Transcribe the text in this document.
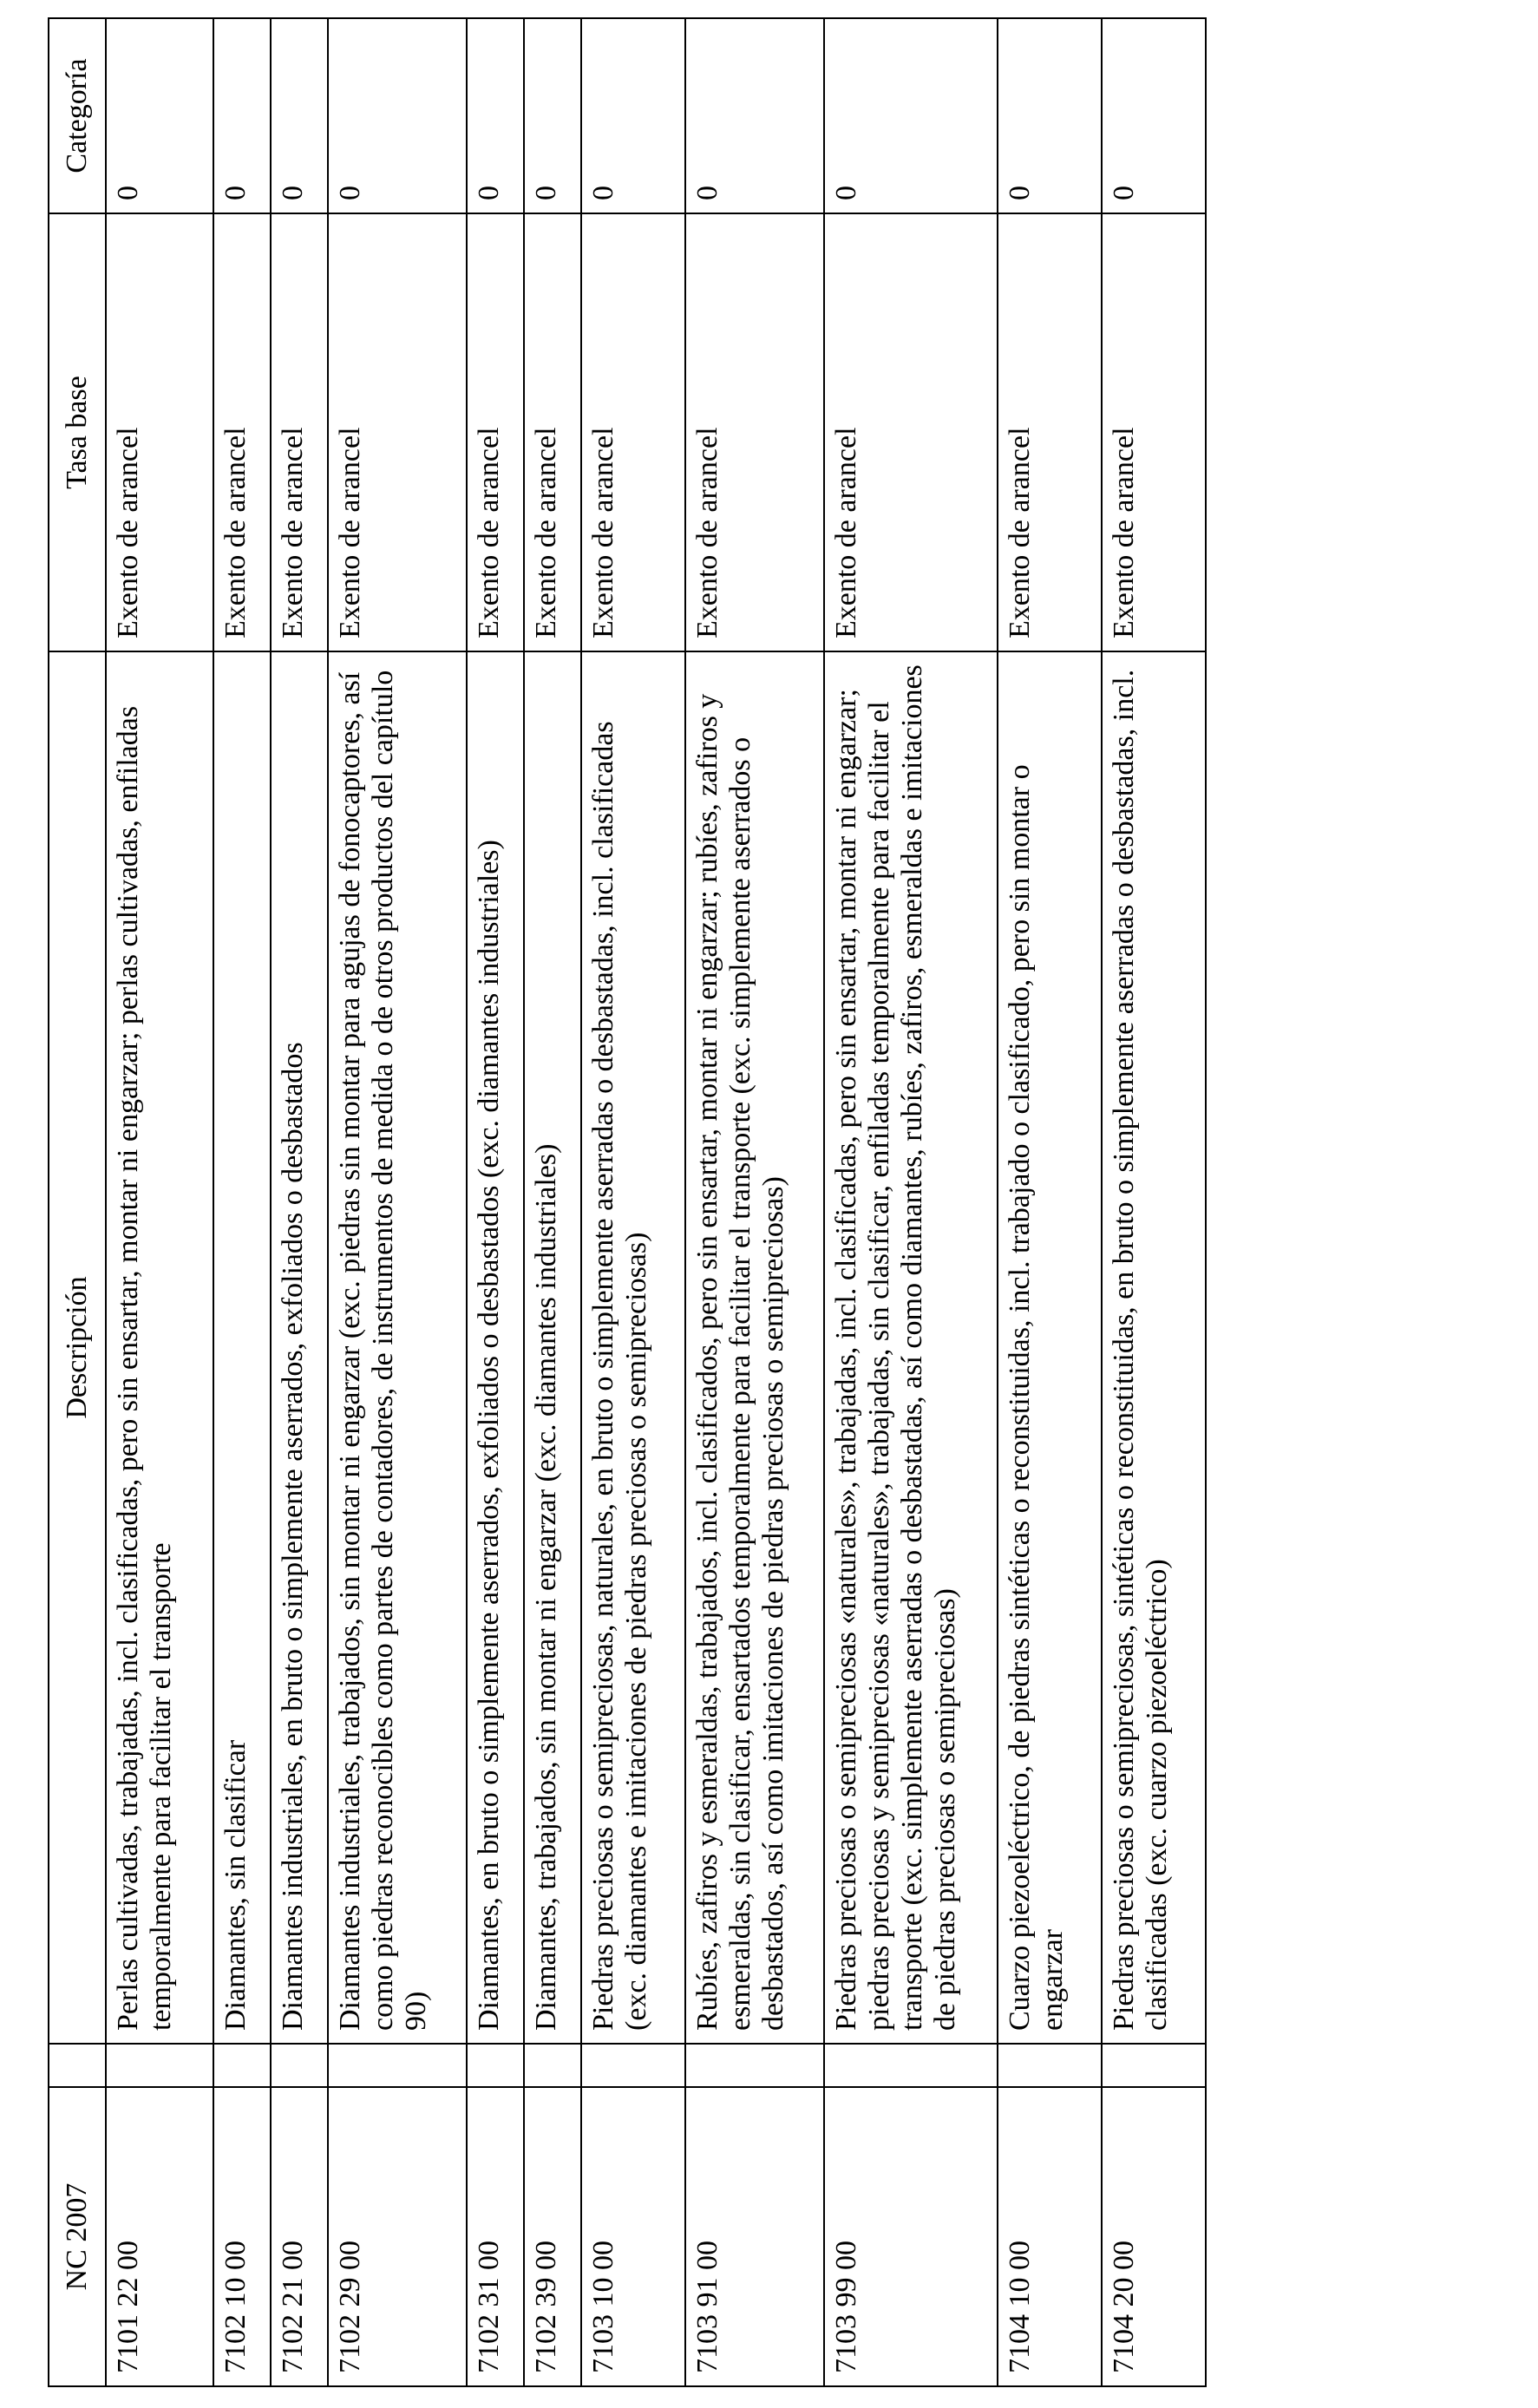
NC 2007		Descripción	Tasa base	Categoría
7101 22 00		Perlas cultivadas, trabajadas, incl. clasificadas, pero sin ensartar, montar ni engarzar; perlas cultivadas, enfiladas temporalmente para facilitar el transporte	Exento de arancel	0
7102 10 00		Diamantes, sin clasificar	Exento de arancel	0
7102 21 00		Diamantes industriales, en bruto o simplemente aserrados, exfoliados o desbastados	Exento de arancel	0
7102 29 00		Diamantes industriales, trabajados, sin montar ni engarzar (exc. piedras sin montar para agujas de fonocaptores, así como piedras reconocibles como partes de contadores, de instrumentos de medida o de otros productos del capítulo 90)	Exento de arancel	0
7102 31 00		Diamantes, en bruto o simplemente aserrados, exfoliados o desbastados (exc. diamantes industriales)	Exento de arancel	0
7102 39 00		Diamantes, trabajados, sin montar ni engarzar (exc. diamantes industriales)	Exento de arancel	0
7103 10 00		Piedras preciosas o semipreciosas, naturales, en bruto o simplemente aserradas o desbastadas, incl. clasificadas (exc. diamantes e imitaciones de piedras preciosas o semipreciosas)	Exento de arancel	0
7103 91 00		Rubíes, zafiros y esmeraldas, trabajados, incl. clasificados, pero sin ensartar, montar ni engarzar; rubíes, zafiros y esmeraldas, sin clasificar, ensartados temporalmente para facilitar el transporte (exc. simplemente aserrados o desbastados, así como imitaciones de piedras preciosas o semipreciosas)	Exento de arancel	0
7103 99 00		Piedras preciosas o semipreciosas «naturales», trabajadas, incl. clasificadas, pero sin ensartar, montar ni engarzar; piedras preciosas y semipreciosas «naturales», trabajadas, sin clasificar, enfiladas temporalmente para facilitar el transporte (exc. simplemente aserradas o desbastadas, así como diamantes, rubíes, zafiros, esmeraldas e imitaciones de piedras preciosas o semipreciosas)	Exento de arancel	0
7104 10 00		Cuarzo piezoeléctrico, de piedras sintéticas o reconstituidas, incl. trabajado o clasificado, pero sin montar o engarzar	Exento de arancel	0
7104 20 00		Piedras preciosas o semipreciosas, sintéticas o reconstituidas, en bruto o simplemente aserradas o desbastadas, incl. clasificadas (exc. cuarzo piezoeléctrico)	Exento de arancel	0
